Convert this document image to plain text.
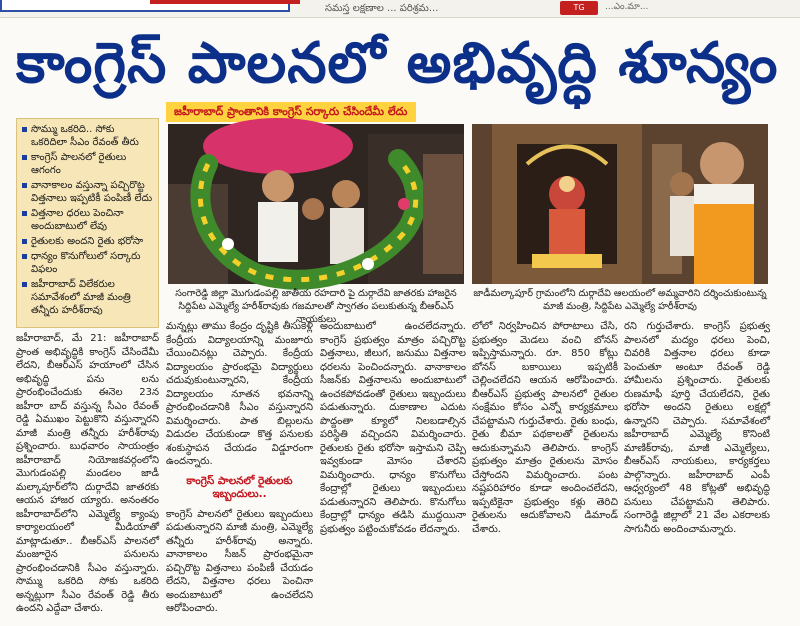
సమస్త లక్షణాల ... పరిశ్రమ...	TG	...ఎం.మా...
కాంగ్రెస్ పాలనలో అభివృద్ధి శూన్యం
జహీరాబాద్ ప్రాంతానికి కాంగ్రెస్ సర్కారు చేసిందేమీ లేదు
సొమ్ము ఒకరిది.. సోకు ఒకరిదిలా సీఎం రేవంత్ తీరు
కాంగ్రెస్ పాలనలో రైతులు ఆగంగం
వానాకాలం వస్తున్నా పచ్చిరొట్ట విత్తనాలు ఇప్పటికీ పంపిణీ లేదు
విత్తనాల ధరలు పెంచినా అందుబాటులో లేవు
రైతులకు అందని రైతు భరోసా
ధాన్యం కొనుగోలులో సర్కారు విఫలం
జహీరాబాద్ విలేకరుల సమావేశంలో మాజీ మంత్రి తన్నీరు హరీశ్‌రావు
సంగారెడ్డి జిల్లా మొగుడంపల్లి జాతీయ రహదారి పై దుర్గాదేవి జాతరకు హాజరైన సిద్దిపేట ఎమ్మెల్యే హరీశ్‌రావుకు గజమాలతో స్వాగతం పలుకుతున్న బీఆర్‌ఎస్ నాయకులు
జాడీమల్కాపూర్ గ్రామంలోని దుర్గాదేవి ఆలయంలో అమ్మవారిని దర్శించుకుంటున్న మాజీ మంత్రి, సిద్దిపేట ఎమ్మెల్యే హరీశ్‌రావు
జహీరాబాద్, మే 21: జహీరాబాద్ ప్రాంత అభివృద్ధికి కాంగ్రెస్ చేసిందేమీ లేదని, బీఆర్‌ఎస్ హయాంలో చేసిన అభివృద్ధి పను లను ప్రారంభించేందుకు ఈనెల 23న జహీరా బాద్ వస్తున్న సీఎం రేవంత్ రెడ్డి ఏముఖం పెట్టుకొని వస్తున్నారని మాజీ మంత్రి తన్నీరు హరీశ్‌రావు ప్రశ్నించారు. బుధవారం సాయంత్రం జహీరాబాద్ నియోజకవర్గంలోని మొగుడంపల్లి మండలం జాడీ మల్కాపూర్‌లోని దుర్గాదేవి జాతరకు ఆయన హాజర య్యారు. అనంతరం జహీరాబాద్‌లోని ఎమ్మెల్యే క్యాంపు కార్యాలయంలో మీడియాతో మాట్లాడుతూ.. బీఆర్‌ఎస్ పాలనలో మంజూరైన పనులను ప్రారంభించడానికి సీఎం వస్తున్నారు. సొమ్ము ఒకరిది సోకు ఒకరిది అన్నట్లుగా సీఎం రేవంత్ రెడ్డి తీరు ఉందని ఎద్దేవా చేశారు.
మన్నట్లు తాము కేంద్రం దృష్టికి తీసుకెళ్లి కేంద్రీయ విద్యాలయాన్ని మంజూరు చేయించినట్లు చెప్పారు. కేంద్రీయ విద్యాలయం ప్రారంభమై విద్యార్థులు చదువుకుంటున్నారని, కేంద్రీయ విద్యాలయం నూతన భవనాన్ని ప్రారంభించడానికి సీఎం వస్తున్నారని విమర్శించారు. పాత బిల్లులను విడుదల చేయకుండా కొత్త పనులకు శంకుస్థాపన చేయడం విడ్డూరంగా ఉందన్నారు.
కాంగ్రెస్ పాలనలో రైతులకు ఇబ్బందులు..
కాంగ్రెస్ పాలనలో రైతులు ఇబ్బందులు పడుతున్నారని మాజీ మంత్రి, ఎమ్మెల్యే తన్నీరు హరీశ్‌రావు అన్నారు. వానాకాలం సీజన్ ప్రారంభమైనా పచ్చిరొట్ట విత్తనాలు పంపిణీ చేయడం లేదని, విత్తనాల ధరలు పెంచినా అందుబాటులో ఉంచలేదని ఆరోపించారు.
అందుబాటులో ఉంచలేదన్నారు. కాంగ్రెస్ ప్రభుత్వం మాత్రం పచ్చిరొట్ట విత్తనాలు, జీలుగ, జనుము విత్తనాల ధరలను పెంచిందన్నారు. వానాకాలం సీజన్‌కు విత్తనాలను అందుబాటులో ఉంచకపోవడంతో రైతులు ఇబ్బందులు పడుతున్నారు. దుకాణాల ఎదుట పొద్దంతా క్యూలో నిలబడాల్సిన పరిస్థితి వచ్చిందని విమర్శించారు. రైతులకు రైతు భరోసా ఇస్తామని చెప్పి ఇవ్వకుండా మోసం చేశారని విమర్శించారు. ధాన్యం కొనుగోలు కేంద్రాల్లో రైతులు ఇబ్బందులు పడుతున్నారని తెలిపారు. కొనుగోలు కేంద్రాల్లో ధాన్యం తడిసి ముద్దయినా ప్రభుత్వం పట్టించుకోవడం లేదన్నారు.
లోలో నిర్వహించిన పోరాటాలు చేసి, ప్రభుత్వం మెడలు వంచి బోనస్ ఇప్పిస్తామన్నారు. రూ. 850 కోట్లు బోనస్ బకాయిలు ఇప్పటికీ చెల్లించలేదని ఆయన ఆరోపించారు. బీఆర్‌ఎస్ ప్రభుత్వ పాలనలో రైతుల సంక్షేమం కోసం ఎన్నో కార్యక్రమాలు చేపట్టామని గుర్తుచేశారు. రైతు బంధు, రైతు బీమా పథకాలతో రైతులను ఆదుకున్నామని తెలిపారు. కాంగ్రెస్ ప్రభుత్వం మాత్రం రైతులను మోసం చేస్తోందని విమర్శించారు. పంట నష్టపరిహారం కూడా అందించలేదని, ఇప్పటికైనా ప్రభుత్వం కళ్లు తెరిచి రైతులను ఆదుకోవాలని డిమాండ్ చేశారు.
రని గుర్తుచేశారు. కాంగ్రెస్ ప్రభుత్వ పాలనలో మద్యం ధరలు పెంచి, చివరికి విత్తనాల ధరలు కూడా పెంచుతూ అంటూ రేవంత్ రెడ్డి హామీలను ప్రశ్నించారు. రైతులకు రుణమాఫీ పూర్తి చేయలేదని, రైతు భరోసా అందని రైతులు లక్షల్లో ఉన్నారని చెప్పారు. సమావేశంలో జహీరాబాద్ ఎమ్మెల్యే కొనింటి మాణిక్‌రావు, మాజీ ఎమ్మెల్యేలు, బీఆర్‌ఎస్ నాయకులు, కార్యకర్తలు పాల్గొన్నారు. జహీరాబాద్ ఎంపీ ఆధ్వర్యంలో 48 కోట్లతో అభివృద్ధి పనులు చేపట్టామని తెలిపారు. సంగారెడ్డి జిల్లాలో 21 వేల ఎకరాలకు సాగునీరు అందించామన్నారు.
